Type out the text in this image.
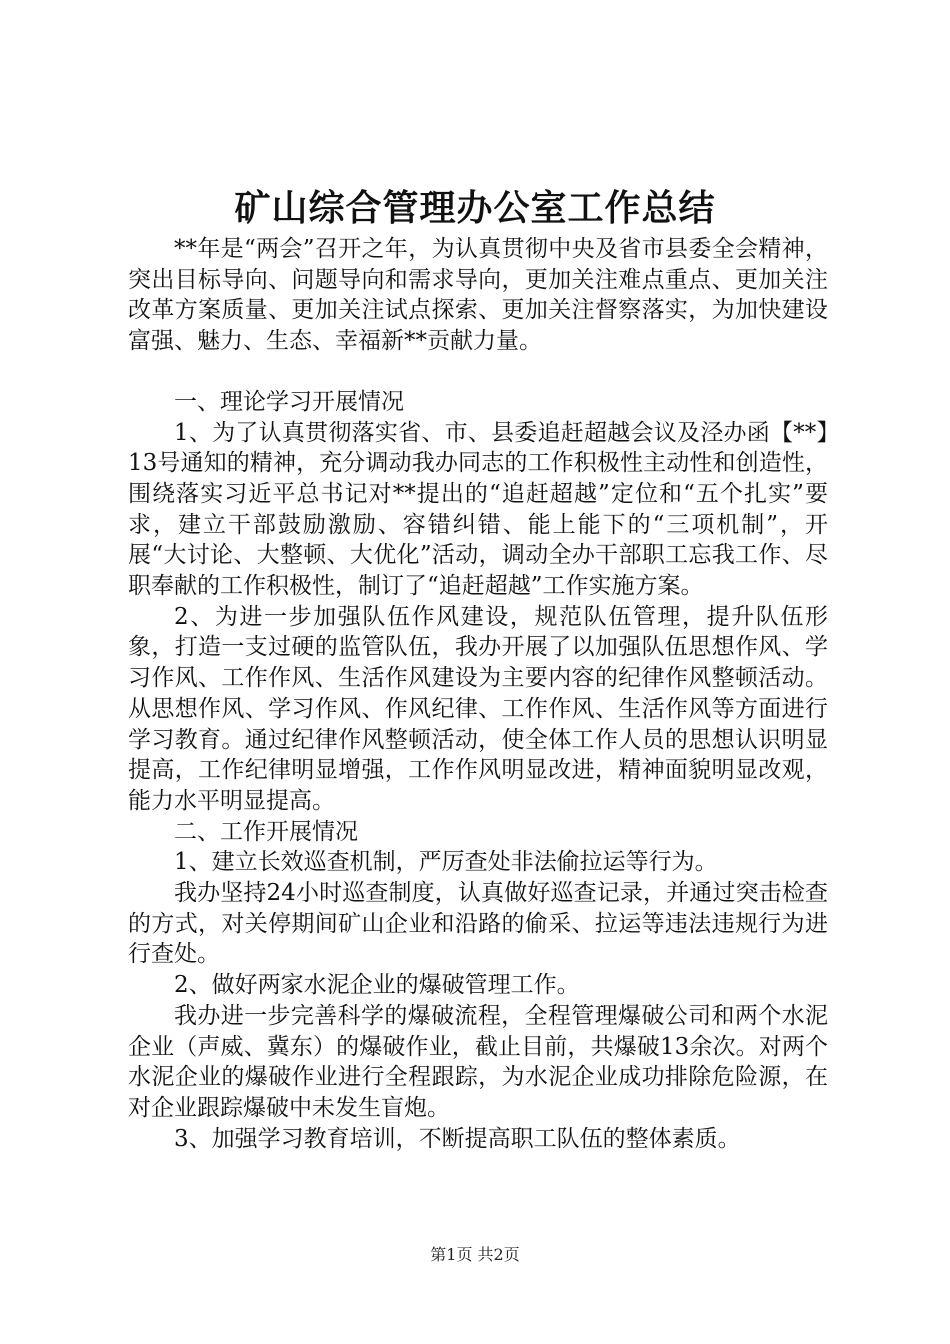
矿山综合管理办公室工作总结

**年是“两会”召开之年，为认真贯彻中央及省市县委全会精神，突出目标导向、问题导向和需求导向，更加关注难点重点、更加关注改革方案质量、更加关注试点探索、更加关注督察落实，为加快建设富强、魅力、生态、幸福新**贡献力量。

一、理论学习开展情况

1、为了认真贯彻落实省、市、县委追赶超越会议及泾办函【**】13号通知的精神，充分调动我办同志的工作积极性主动性和创造性，围绕落实习近平总书记对**提出的“追赶超越”定位和“五个扎实”要求，建立干部鼓励激励、容错纠错、能上能下的“三项机制”，开展“大讨论、大整顿、大优化”活动，调动全办干部职工忘我工作、尽职奉献的工作积极性，制订了“追赶超越”工作实施方案。

2、为进一步加强队伍作风建设，规范队伍管理，提升队伍形象，打造一支过硬的监管队伍，我办开展了以加强队伍思想作风、学习作风、工作作风、生活作风建设为主要内容的纪律作风整顿活动。从思想作风、学习作风、作风纪律、工作作风、生活作风等方面进行学习教育。通过纪律作风整顿活动，使全体工作人员的思想认识明显提高，工作纪律明显增强，工作作风明显改进，精神面貌明显改观，能力水平明显提高。

二、工作开展情况

1、建立长效巡查机制，严厉查处非法偷拉运等行为。

我办坚持24小时巡查制度，认真做好巡查记录，并通过突击检查的方式，对关停期间矿山企业和沿路的偷采、拉运等违法违规行为进行查处。

2、做好两家水泥企业的爆破管理工作。

我办进一步完善科学的爆破流程，全程管理爆破公司和两个水泥企业（声威、冀东）的爆破作业，截止目前，共爆破13余次。对两个水泥企业的爆破作业进行全程跟踪，为水泥企业成功排除危险源，在对企业跟踪爆破中未发生盲炮。

3、加强学习教育培训，不断提高职工队伍的整体素质。

第1页 共2页
